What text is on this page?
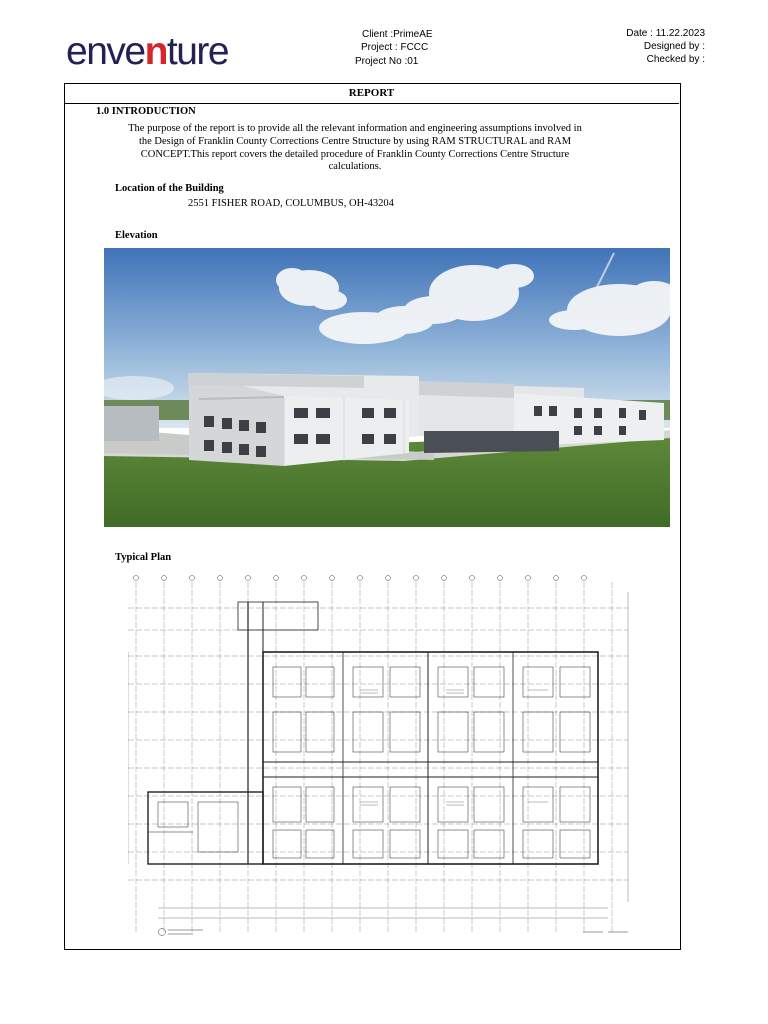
enventure	Client :PrimeAE
Project : FCCC
Project No :01
Date : 11.22.2023
Designed by :
Checked by :
REPORT
1.0 INTRODUCTION
The purpose of the report is to provide all the relevant information and engineering assumptions involved in
the Design of Franklin County Corrections Centre Structure by using RAM STRUCTURAL and RAM
CONCEPT.This report covers the detailed procedure of Franklin County Corrections Centre Structure
calculations.
Location of the Building
2551 FISHER ROAD, COLUMBUS, OH-43204
Elevation
Typical Plan
